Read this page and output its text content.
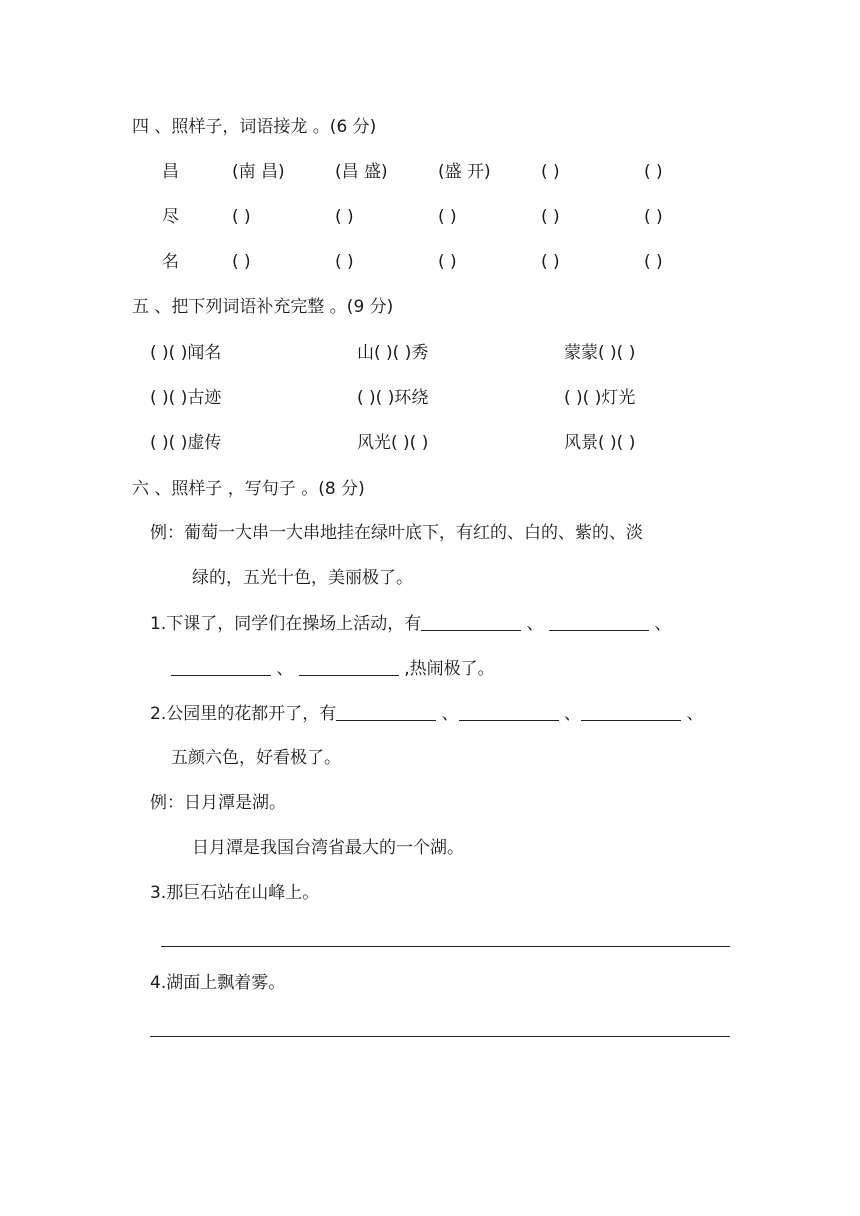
四 、照样子，词语接龙 。(6 分)
昌	(南 昌)	(昌 盛)	(盛 开)	( )	( )
尽	( )	( )	( )	( )	( )
名	( )	( )	( )	( )	( )
五 、把下列词语补充完整 。(9 分)
( )( )闻名	山( )( )秀	蒙蒙( )( )
( )( )古迹	( )( )环绕	( )( )灯光
( )( )虚传	风光( )( )	风景( )( )
六 、照样子 ，写句子 。(8 分)
例：葡萄一大串一大串地挂在绿叶底下，有红的、白的、紫的、淡
绿的，五光十色，美丽极了。
1.下课了，同学们在操场上活动，有	、	、
、	,热闹极了。
2.公园里的花都开了，有	、	、	、
五颜六色，好看极了。
例：日月潭是湖。
日月潭是我国台湾省最大的一个湖。
3.那巨石站在山峰上。
4.湖面上飘着雾。
